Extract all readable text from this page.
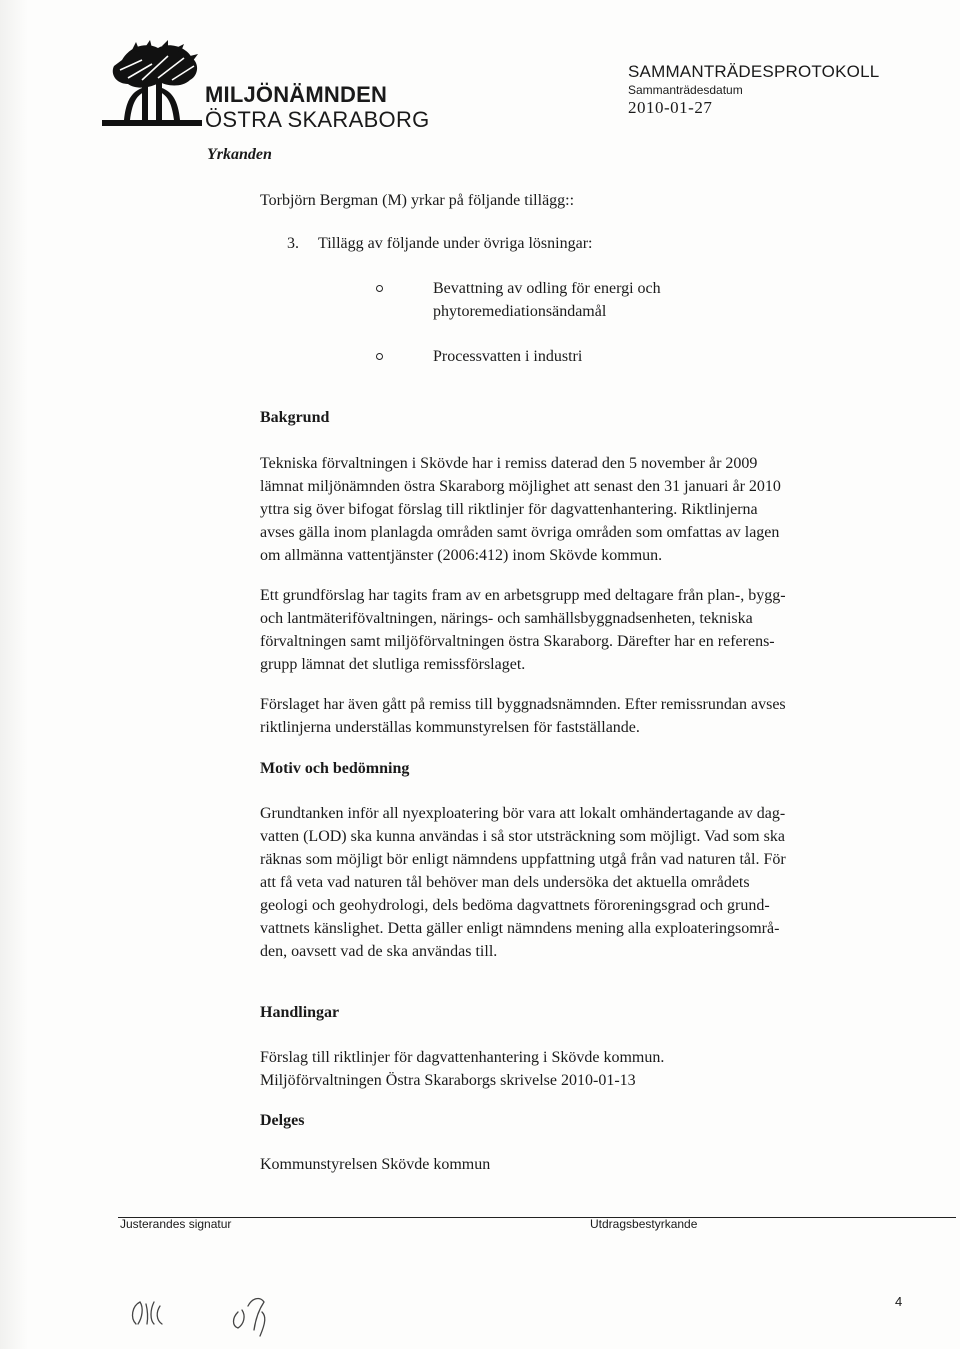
MILJÖNÄMNDEN
ÖSTRA SKARABORG
SAMMANTRÄDESPROTOKOLL
Sammanträdesdatum
2010-01-27
Yrkanden
Torbjörn Bergman (M) yrkar på följande tillägg::
3. Tillägg av följande under övriga lösningar:
Bevattning av odling för energi och
phytoremediationsändamål
Processvatten i industri
Bakgrund
Tekniska förvaltningen i Skövde har i remiss daterad den 5 november år 2009
lämnat miljönämnden östra Skaraborg möjlighet att senast den 31 januari år 2010
yttra sig över bifogat förslag till riktlinjer för dagvattenhantering. Riktlinjerna
avses gälla inom planlagda områden samt övriga områden som omfattas av lagen
om allmänna vattentjänster (2006:412) inom Skövde kommun.
Ett grundförslag har tagits fram av en arbetsgrupp med deltagare från plan-, bygg-
och lantmäterifövaltningen, närings- och samhällsbyggnadsenheten, tekniska
förvaltningen samt miljöförvaltningen östra Skaraborg. Därefter har en referens-
grupp lämnat det slutliga remissförslaget.
Förslaget har även gått på remiss till byggnadsnämnden. Efter remissrundan avses
riktlinjerna underställas kommunstyrelsen för fastställande.
Motiv och bedömning
Grundtanken inför all nyexploatering bör vara att lokalt omhändertagande av dag-
vatten (LOD) ska kunna användas i så stor utsträckning som möjligt. Vad som ska
räknas som möjligt bör enligt nämndens uppfattning utgå från vad naturen tål. För
att få veta vad naturen tål behöver man dels undersöka det aktuella områdets
geologi och geohydrologi, dels bedöma dagvattnets föroreningsgrad och grund-
vattnets känslighet. Detta gäller enligt nämndens mening alla exploateringsområ-
den, oavsett vad de ska användas till.
Handlingar
Förslag till riktlinjer för dagvattenhantering i Skövde kommun.
Miljöförvaltningen Östra Skaraborgs skrivelse 2010-01-13
Delges
Kommunstyrelsen Skövde kommun
Justerandes signatur	Utdragsbestyrkande
4
